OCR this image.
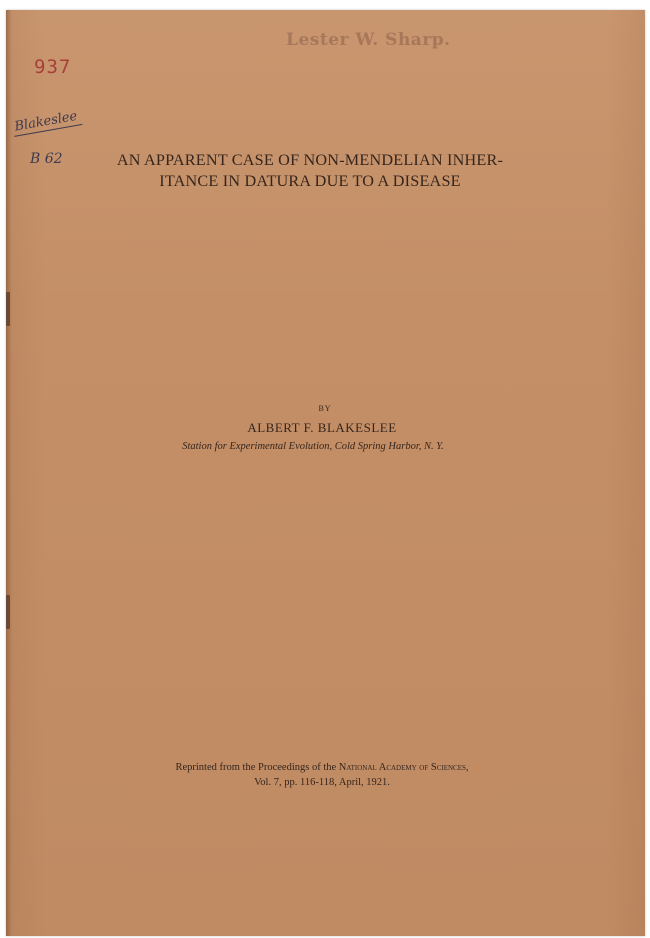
Lester W. Sharp.
937
Blakeslee
B 62	AN APPARENT CASE OF NON-MENDELIAN INHER-
ITANCE IN DATURA DUE TO A DISEASE
BY
ALBERT F. BLAKESLEE
Station for Experimental Evolution, Cold Spring Harbor, N. Y.
Reprinted from the Proceedings of the National Academy of Sciences,
Vol. 7, pp. 116-118, April, 1921.
